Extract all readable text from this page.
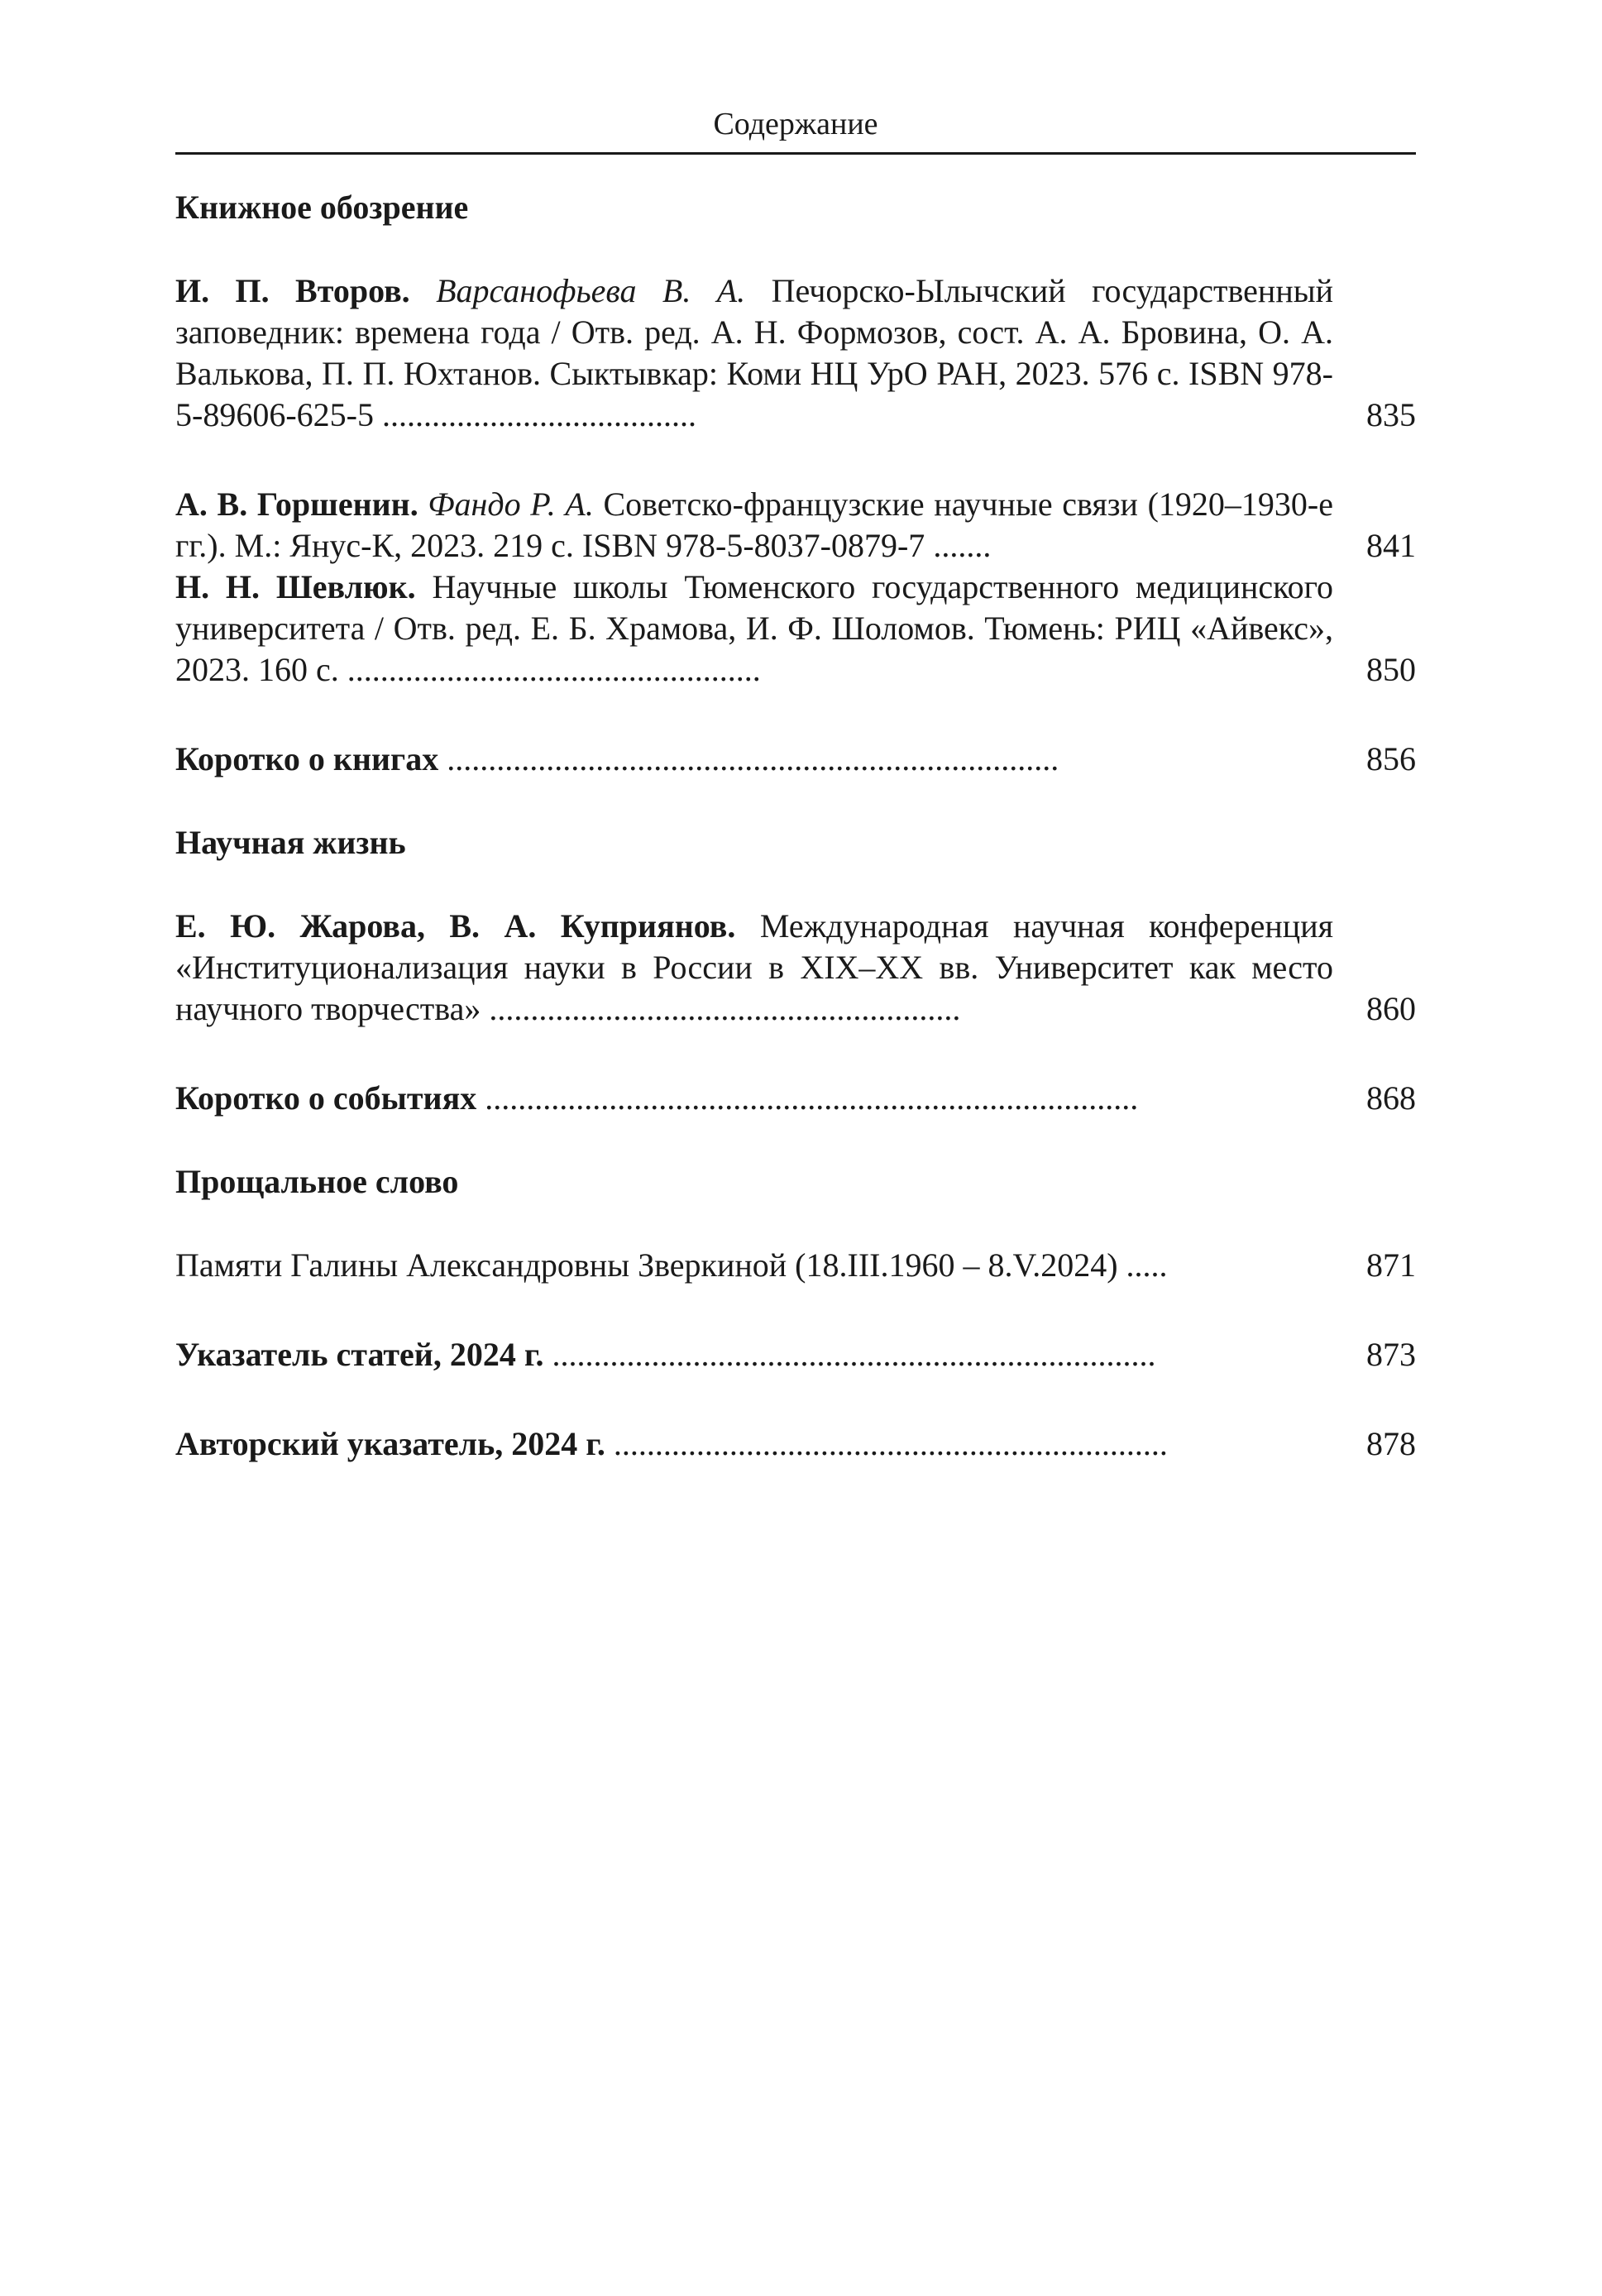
Содержание
Книжное обозрение
И. П. Второв. Варсанофьева В. А. Печорско-Ылычский государственный заповедник: времена года / Отв. ред. А. Н. Формозов, сост. А. А. Бровина, О. А. Валькова, П. П. Юхтанов. Сыктывкар: Коми НЦ УрО РАН, 2023. 576 с. ISBN 978-5-89606-625-5 ......................................	835
А. В. Горшенин. Фандо Р. А. Советско-французские научные связи (1920–1930-е гг.). М.: Янус-К, 2023. 219 с. ISBN 978-5-8037-0879-7 .......	841
Н. Н. Шевлюк. Научные школы Тюменского государственного медицинского университета / Отв. ред. Е. Б. Храмова, И. Ф. Шоломов. Тюмень: РИЦ «Айвекс», 2023. 160 с. ..................................................	850
Коротко о книгах ..........................................................................	856
Научная жизнь
Е. Ю. Жарова, В. А. Куприянов. Международная научная конференция «Институционализация науки в России в XIX–XX вв. Университет как место научного творчества» .........................................................	860
Коротко о событиях ...............................................................................	868
Прощальное слово
Памяти Галины Александровны Зверкиной (18.III.1960 – 8.V.2024) .....	871
Указатель статей, 2024 г. .........................................................................	873
Авторский указатель, 2024 г. ...................................................................	878
